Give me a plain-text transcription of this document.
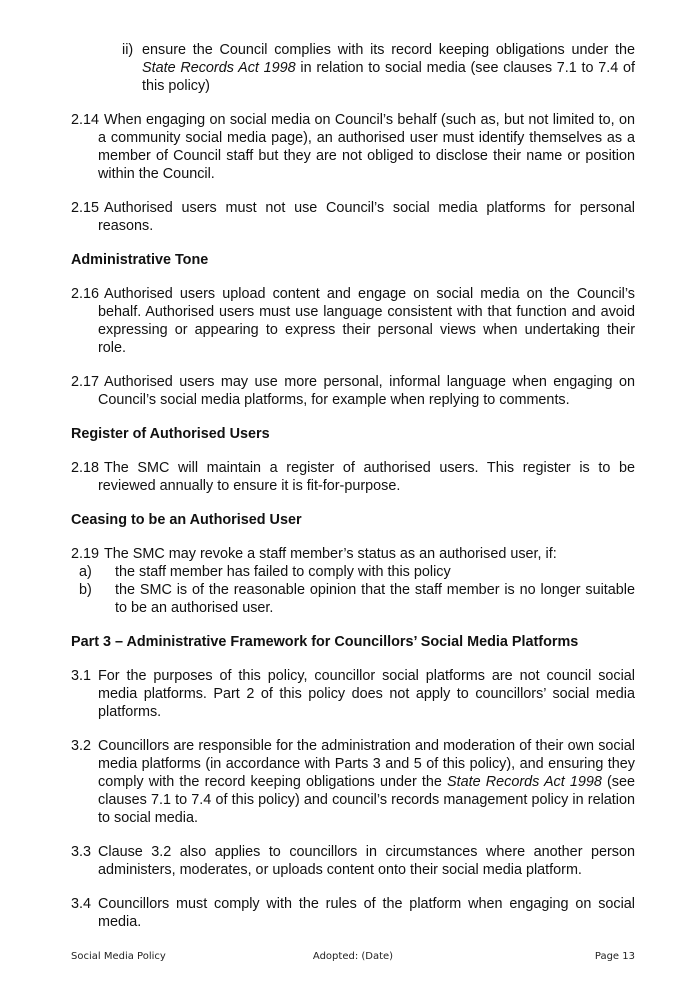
ii) ensure the Council complies with its record keeping obligations under the State Records Act 1998 in relation to social media (see clauses 7.1 to 7.4 of this policy)
2.14 When engaging on social media on Council’s behalf (such as, but not limited to, on a community social media page), an authorised user must identify themselves as a member of Council staff but they are not obliged to disclose their name or position within the Council.
2.15 Authorised users must not use Council’s social media platforms for personal reasons.
Administrative Tone
2.16 Authorised users upload content and engage on social media on the Council’s behalf. Authorised users must use language consistent with that function and avoid expressing or appearing to express their personal views when undertaking their role.
2.17 Authorised users may use more personal, informal language when engaging on Council’s social media platforms, for example when replying to comments.
Register of Authorised Users
2.18 The SMC will maintain a register of authorised users. This register is to be reviewed annually to ensure it is fit-for-purpose.
Ceasing to be an Authorised User
2.19 The SMC may revoke a staff member’s status as an authorised user, if:
a)	the staff member has failed to comply with this policy
b)	the SMC is of the reasonable opinion that the staff member is no longer suitable to be an authorised user.
Part 3 – Administrative Framework for Councillors’ Social Media Platforms
3.1 For the purposes of this policy, councillor social platforms are not council social media platforms. Part 2 of this policy does not apply to councillors’ social media platforms.
3.2 Councillors are responsible for the administration and moderation of their own social media platforms (in accordance with Parts 3 and 5 of this policy), and ensuring they comply with the record keeping obligations under the State Records Act 1998 (see clauses 7.1 to 7.4 of this policy) and council’s records management policy in relation to social media.
3.3 Clause 3.2 also applies to councillors in circumstances where another person administers, moderates, or uploads content onto their social media platform.
3.4 Councillors must comply with the rules of the platform when engaging on social media.
Social Media Policy	Adopted: (Date)	Page 13
